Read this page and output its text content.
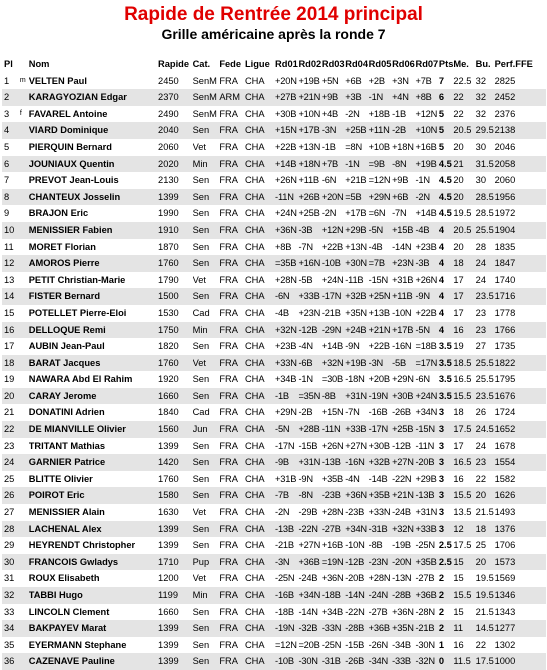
Rapide de Rentrée 2014 principal
Grille américaine après la ronde 7
Pl		Nom	Rapide	Cat.	Fede	Ligue	Rd01	Rd02	Rd03	Rd04	Rd05	Rd06	Rd07	Pts	Me.	Bu.	Perf.FFE
1	m	VELTEN Paul	2450	SenM	FRA	CHA	+20N	+19B	+5N	+6B	+2B	+3N	+7B	7	22.5	32	2825
2		KARAGYOZIAN Edgar	2370	SenM	ARM	CHA	+27B	+21N	+9B	+3B	-1N	+4N	+8B	6	22	32	2452
3	f	FAVAREL Antoine	2490	SenM	FRA	CHA	+30B	+10N	+4B	-2N	+18B	-1B	+12N	5	22	32	2376
4		VIARD Dominique	2040	Sen	FRA	CHA	+15N	+17B	-3N	+25B	+11N	-2B	+10N	5	20.5	29.5	2138
5		PIERQUIN Bernard	2060	Vet	FRA	CHA	+22B	+13N	-1B	=8N	+10B	+18N	+16B	5	20	30	2046
6		JOUNIAUX Quentin	2020	Min	FRA	CHA	+14B	+18N	+7B	-1N	=9B	-8N	+19B	4.5	21	31.5	2058
7		PREVOT Jean-Louis	2130	Sen	FRA	CHA	+26N	+11B	-6N	+21B	=12N	+9B	-1N	4.5	20	30	2060
8		CHANTEUX Josselin	1399	Sen	FRA	CHA	-11N	+26B	+20N	=5B	+29N	+6B	-2N	4.5	20	28.5	1956
9		BRAJON Eric	1990	Sen	FRA	CHA	+24N	+25B	-2N	+17B	=6N	-7N	+14B	4.5	19.5	28.5	1972
10		MENISSIER Fabien	1910	Sen	FRA	CHA	+36N	-3B	+12N	+29B	-5N	+15B	-4B	4	20.5	25.5	1904
11		MORET Florian	1870	Sen	FRA	CHA	+8B	-7N	+22B	+13N	-4B	-14N	+23B	4	20	28	1835
12		AMOROS Pierre	1760	Sen	FRA	CHA	=35B	+16N	-10B	+30N	=7B	+23N	-3B	4	18	24	1847
13		PETIT Christian-Marie	1790	Vet	FRA	CHA	+28N	-5B	+24N	-11B	-15N	+31B	+26N	4	17	24	1740
14		FISTER Bernard	1500	Sen	FRA	CHA	-6N	+33B	-17N	+32B	+25N	+11B	-9N	4	17	23.5	1716
15		POTELLET Pierre-Eloi	1530	Cad	FRA	CHA	-4B	+23N	-21B	+35N	+13B	-10N	+22B	4	17	23	1778
16		DELLOQUE Remi	1750	Min	FRA	CHA	+32N	-12B	-29N	+24B	+21N	+17B	-5N	4	16	23	1766
17		AUBIN Jean-Paul	1820	Sen	FRA	CHA	+23B	-4N	+14B	-9N	+22B	-16N	=18B	3.5	19	27	1735
18		BARAT Jacques	1760	Vet	FRA	CHA	+33N	-6B	+32N	+19B	-3N	-5B	=17N	3.5	18.5	25.5	1822
19		NAWARA Abd El Rahim	1920	Sen	FRA	CHA	+34B	-1N	=30B	-18N	+20B	+29N	-6N	3.5	16.5	25.5	1795
20		CARAY Jerome	1660	Sen	FRA	CHA	-1B	=35N	-8B	+31N	-19N	+30B	+24N	3.5	15.5	23.5	1676
21		DONATINI Adrien	1840	Cad	FRA	CHA	+29N	-2B	+15N	-7N	-16B	-26B	+34N	3	18	26	1724
22		DE MIANVILLE Olivier	1560	Jun	FRA	CHA	-5N	+28B	-11N	+33B	-17N	+25B	-15N	3	17.5	24.5	1652
23		TRITANT Mathias	1399	Sen	FRA	CHA	-17N	-15B	+26N	+27N	+30B	-12B	-11N	3	17	24	1678
24		GARNIER Patrice	1420	Sen	FRA	CHA	-9B	+31N	-13B	-16N	+32B	+27N	-20B	3	16.5	23	1554
25		BLITTE Olivier	1760	Sen	FRA	CHA	+31B	-9N	+35B	-4N	-14B	-22N	+29B	3	16	22	1582
26		POIROT Eric	1580	Sen	FRA	CHA	-7B	-8N	-23B	+36N	+35B	+21N	-13B	3	15.5	20	1626
27		MENISSIER Alain	1630	Vet	FRA	CHA	-2N	-29B	+28N	-23B	+33N	-24B	+31N	3	13.5	21.5	1493
28		LACHENAL Alex	1399	Sen	FRA	CHA	-13B	-22N	-27B	+34N	-31B	+32N	+33B	3	12	18	1376
29		HEYRENDT Christopher	1399	Sen	FRA	CHA	-21B	+27N	+16B	-10N	-8B	-19B	-25N	2.5	17.5	25	1706
30		FRANCOIS Gwladys	1710	Pup	FRA	CHA	-3N	+36B	=19N	-12B	-23N	-20N	+35B	2.5	15	20	1573
31		ROUX Elisabeth	1200	Vet	FRA	CHA	-25N	-24B	+36N	-20B	+28N	-13N	-27B	2	15	19.5	1569
32		TABBI Hugo	1199	Min	FRA	CHA	-16B	+34N	-18B	-14N	-24N	-28B	+36B	2	15.5	19.5	1346
33		LINCOLN Clement	1660	Sen	FRA	CHA	-18B	-14N	+34B	-22N	-27B	+36N	-28N	2	15	21.5	1343
34		BAKPAYEV Marat	1399	Sen	FRA	CHA	-19N	-32B	-33N	-28B	+36B	+35N	-21B	2	11	14.5	1277
35		EYERMANN Stephane	1399	Sen	FRA	CHA	=12N	=20B	-25N	-15B	-26N	-34B	-30N	1	16	22	1302
36		CAZENAVE Pauline	1399	Sen	FRA	CHA	-10B	-30N	-31B	-26B	-34N	-33B	-32N	0	11.5	17.5	1000
